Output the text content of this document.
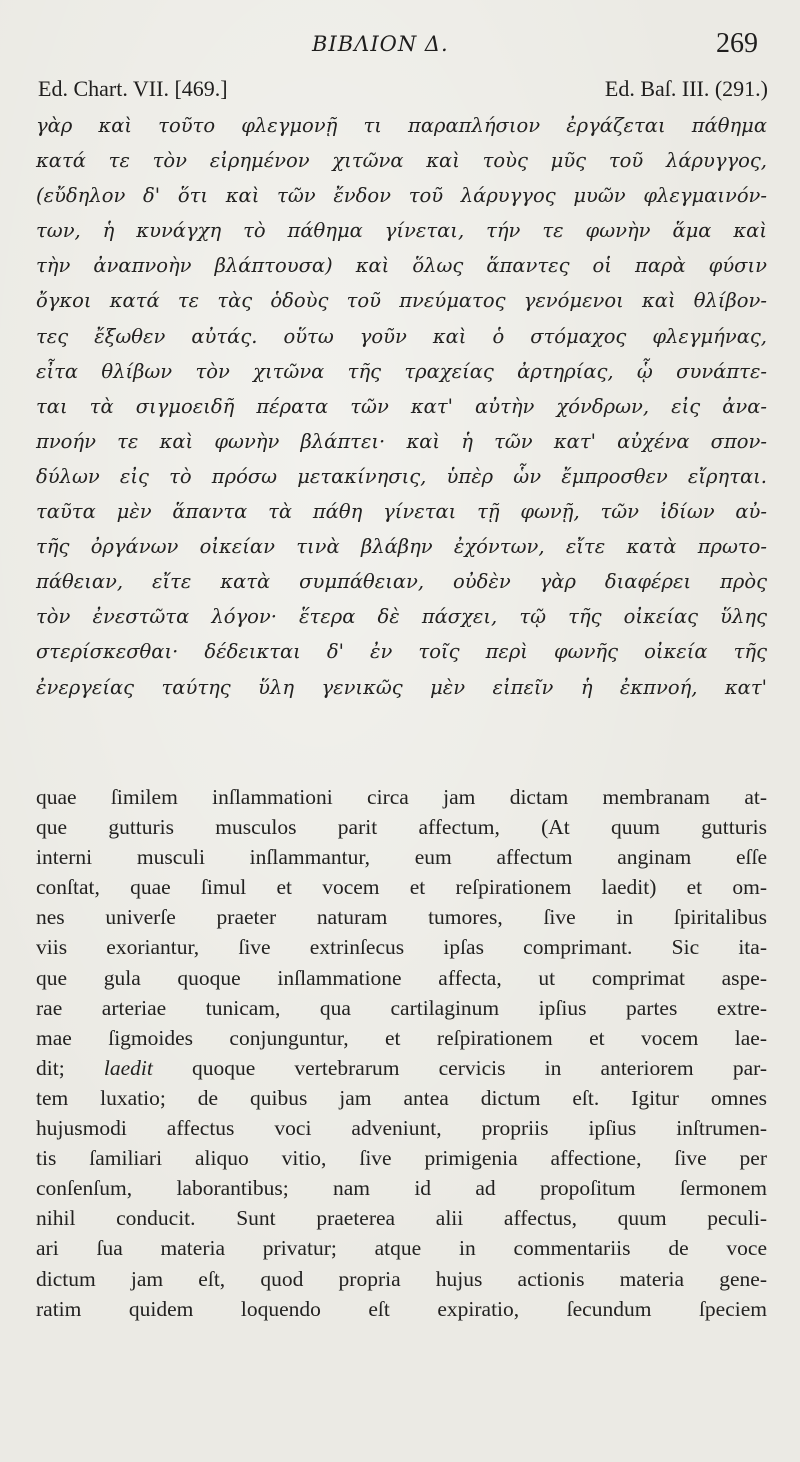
BIBΛION Δ.	269
Ed. Chart. VII. [469.]	Ed. Baſ. III. (291.)
γὰρ καὶ τοῦτο φλεγμονῇ τι παραπλήσιον ἐργάζεται πάθημα
κατά τε τὸν εἰρημένον χιτῶνα καὶ τοὺς μῦς τοῦ λάρυγγος,
(εὔδηλον δ' ὅτι καὶ τῶν ἔνδον τοῦ λάρυγγος μυῶν φλεγμαινόν-
των, ἡ κυνάγχη τὸ πάθημα γίνεται, τήν τε φωνὴν ἅμα καὶ
τὴν ἀναπνοὴν βλάπτουσα) καὶ ὅλως ἅπαντες οἱ παρὰ φύσιν
ὄγκοι κατά τε τὰς ὁδοὺς τοῦ πνεύματος γενόμενοι καὶ θλίβον-
τες ἔξωθεν αὐτάς. οὕτω γοῦν καὶ ὁ στόμαχος φλεγμήνας,
εἶτα θλίβων τὸν χιτῶνα τῆς τραχείας ἀρτηρίας, ᾧ συνάπτε-
ται τὰ σιγμοειδῆ πέρατα τῶν κατ' αὐτὴν χόνδρων, εἰς ἀνα-
πνοήν τε καὶ φωνὴν βλάπτει· καὶ ἡ τῶν κατ' αὐχένα σπον-
δύλων εἰς τὸ πρόσω μετακίνησις, ὑπὲρ ὧν ἔμπροσθεν εἴρηται.
ταῦτα μὲν ἅπαντα τὰ πάθη γίνεται τῇ φωνῇ, τῶν ἰδίων αὐ-
τῆς ὀργάνων οἰκείαν τινὰ βλάβην ἐχόντων, εἴτε κατὰ πρωτο-
πάθειαν, εἴτε κατὰ συμπάθειαν, οὐδὲν γὰρ διαφέρει πρὸς
τὸν ἐνεστῶτα λόγον· ἕτερα δὲ πάσχει, τῷ τῆς οἰκείας ὕλης
στερίσκεσθαι· δέδεικται δ' ἐν τοῖς περὶ φωνῆς οἰκεία τῆς
ἐνεργείας ταύτης ὕλη γενικῶς μὲν εἰπεῖν ἡ ἐκπνοή, κατ'
quae ſimilem inſlammationi circa jam dictam membranam at-
que gutturis musculos parit affectum, (At quum gutturis
interni musculi inſlammantur, eum affectum anginam eſſe
conſtat, quae ſimul et vocem et reſpirationem laedit) et om-
nes univerſe praeter naturam tumores, ſive in ſpiritalibus
viis exoriantur, ſive extrinſecus ipſas comprimant. Sic ita-
que gula quoque inſlammatione affecta, ut comprimat aspe-
rae arteriae tunicam, qua cartilaginum ipſius partes extre-
mae ſigmoides conjunguntur, et reſpirationem et vocem lae-
dit; laedit quoque vertebrarum cervicis in anteriorem par-
tem luxatio; de quibus jam antea dictum eſt. Igitur omnes
hujusmodi affectus voci adveniunt, propriis ipſius inſtrumen-
tis ſamiliari aliquo vitio, ſive primigenia affectione, ſive per
conſenſum, laborantibus; nam id ad propoſitum ſermonem
nihil conducit. Sunt praeterea alii affectus, quum peculi-
ari ſua materia privatur; atque in commentariis de voce
dictum jam eſt, quod propria hujus actionis materia gene-
ratim quidem loquendo eſt expiratio, ſecundum ſpeciem
